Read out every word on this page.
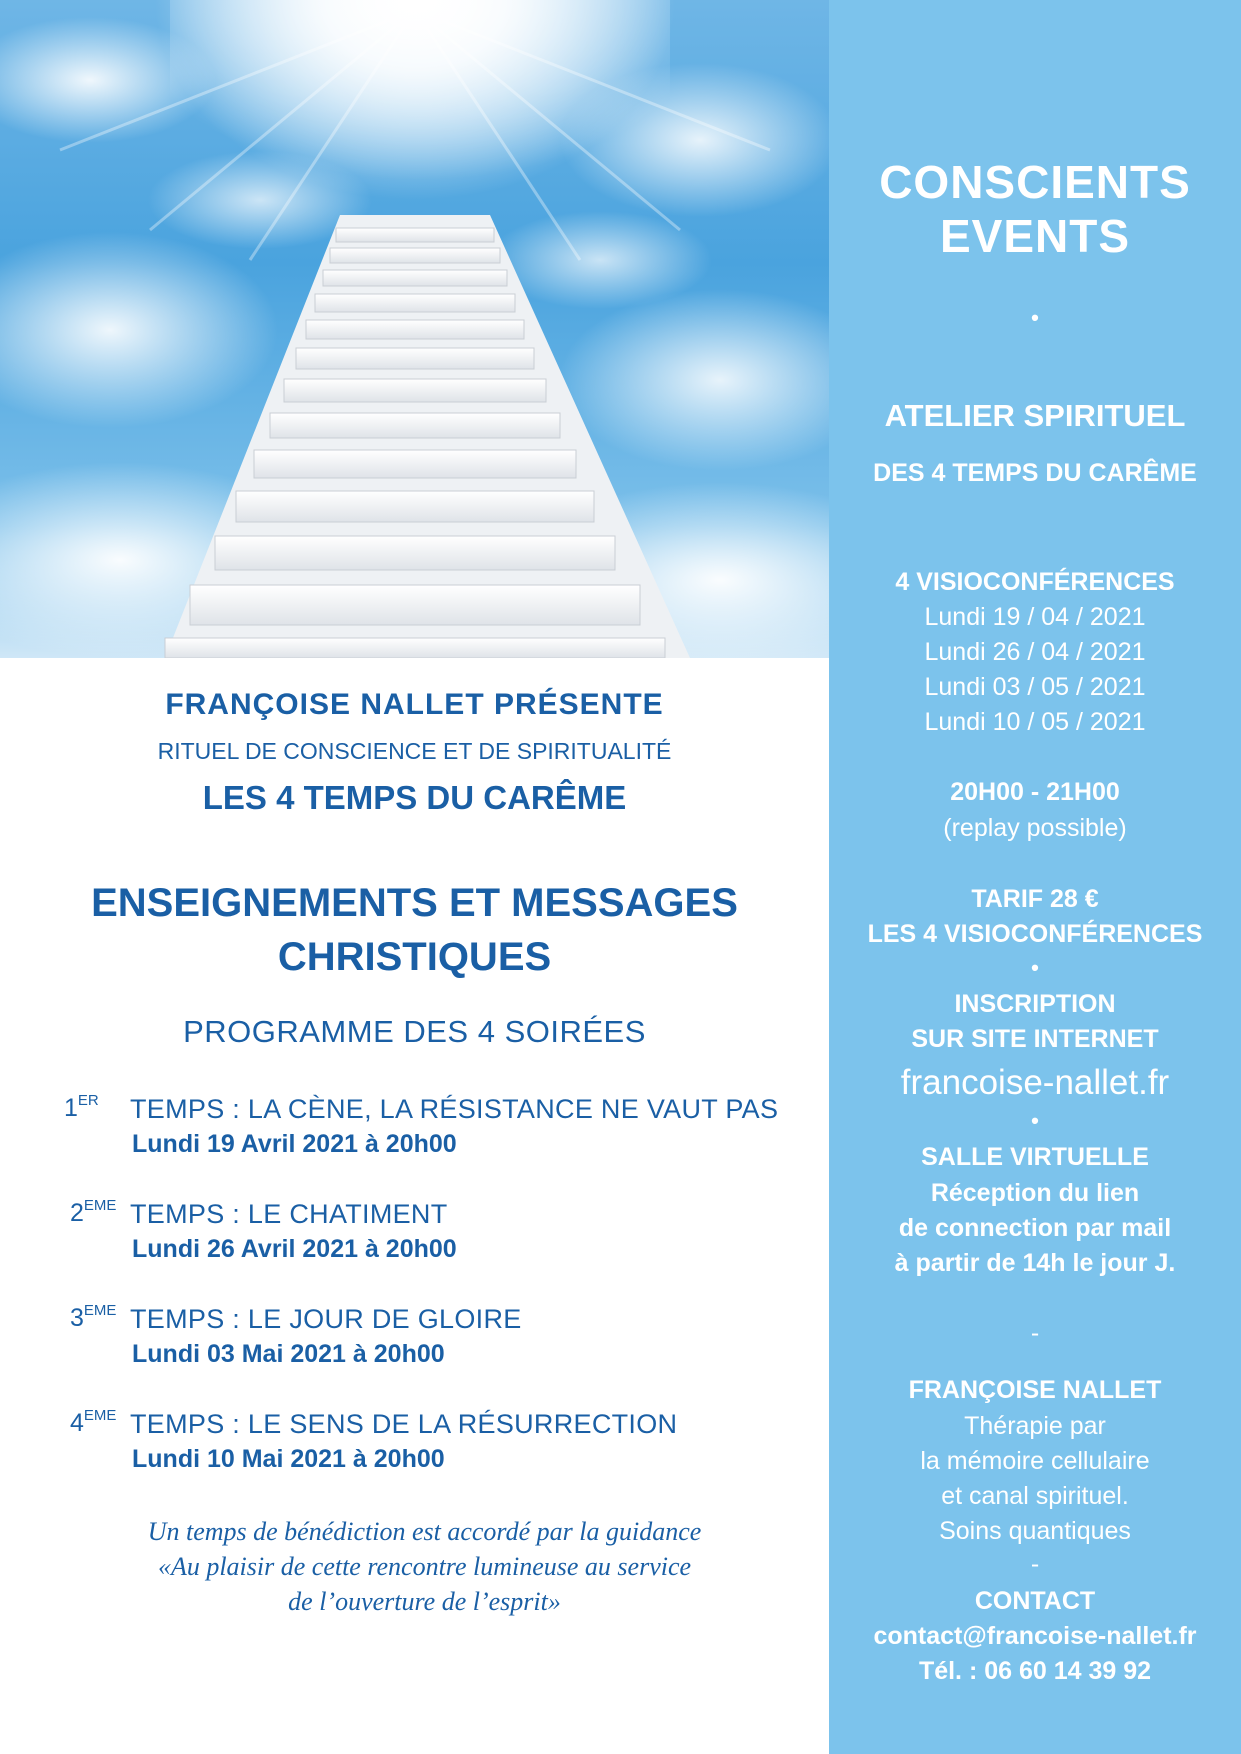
FRANÇOISE NALLET PRÉSENTE
RITUEL DE CONSCIENCE ET DE SPIRITUALITÉ
LES 4 TEMPS DU CARÊME
ENSEIGNEMENTS ET MESSAGES
CHRISTIQUES
PROGRAMME DES 4 SOIRÉES
1ER TEMPS : LA CÈNE, LA RÉSISTANCE NE VAUT PAS
Lundi 19 Avril 2021 à 20h00
2EME TEMPS : LE CHATIMENT
Lundi 26 Avril 2021 à 20h00
3EME TEMPS : LE JOUR DE GLOIRE
Lundi 03 Mai 2021 à 20h00
4EME TEMPS : LE SENS DE LA RÉSURRECTION
Lundi 10 Mai 2021 à 20h00
Un temps de bénédiction est accordé par la guidance
«Au plaisir de cette rencontre lumineuse au service
de l’ouverture de l’esprit»
CONSCIENTS
EVENTS
•
ATELIER SPIRITUEL
DES 4 TEMPS DU CARÊME
4 VISIOCONFÉRENCES
Lundi 19 / 04 / 2021
Lundi 26 / 04 / 2021
Lundi 03 / 05 / 2021
Lundi 10 / 05 / 2021
20H00 - 21H00
(replay possible)
TARIF 28 €
LES 4 VISIOCONFÉRENCES
•
INSCRIPTION
SUR SITE INTERNET
francoise-nallet.fr
•
SALLE VIRTUELLE
Réception du lien
de connection par mail
à partir de 14h le jour J.
-
FRANÇOISE NALLET
Thérapie par
la mémoire cellulaire
et canal spirituel.
Soins quantiques
-
CONTACT
contact@francoise-nallet.fr
Tél. : 06 60 14 39 92
